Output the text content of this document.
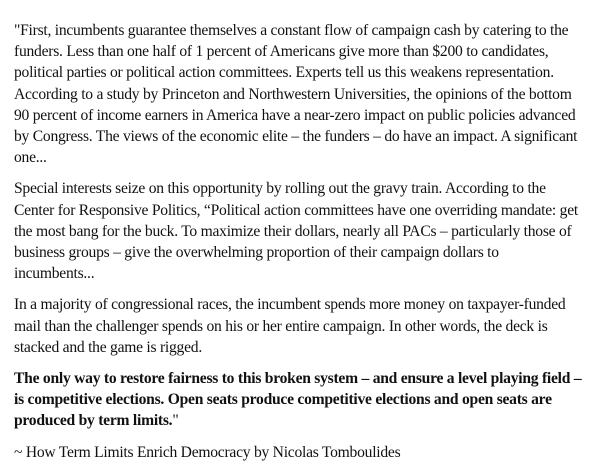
"First, incumbents guarantee themselves a constant flow of campaign cash by catering to the funders. Less than one half of 1 percent of Americans give more than $200 to candidates, political parties or political action committees. Experts tell us this weakens representation. According to a study by Princeton and Northwestern Universities, the opinions of the bottom 90 percent of income earners in America have a near-zero impact on public policies advanced by Congress. The views of the economic elite – the funders – do have an impact. A significant one...

Special interests seize on this opportunity by rolling out the gravy train. According to the Center for Responsive Politics, “Political action committees have one overriding mandate: get the most bang for the buck. To maximize their dollars, nearly all PACs – particularly those of business groups – give the overwhelming proportion of their campaign dollars to incumbents...

In a majority of congressional races, the incumbent spends more money on taxpayer-funded mail than the challenger spends on his or her entire campaign. In other words, the deck is stacked and the game is rigged.

The only way to restore fairness to this broken system – and ensure a level playing field – is competitive elections. Open seats produce competitive elections and open seats are produced by term limits."

~ How Term Limits Enrich Democracy by Nicolas Tomboulides
